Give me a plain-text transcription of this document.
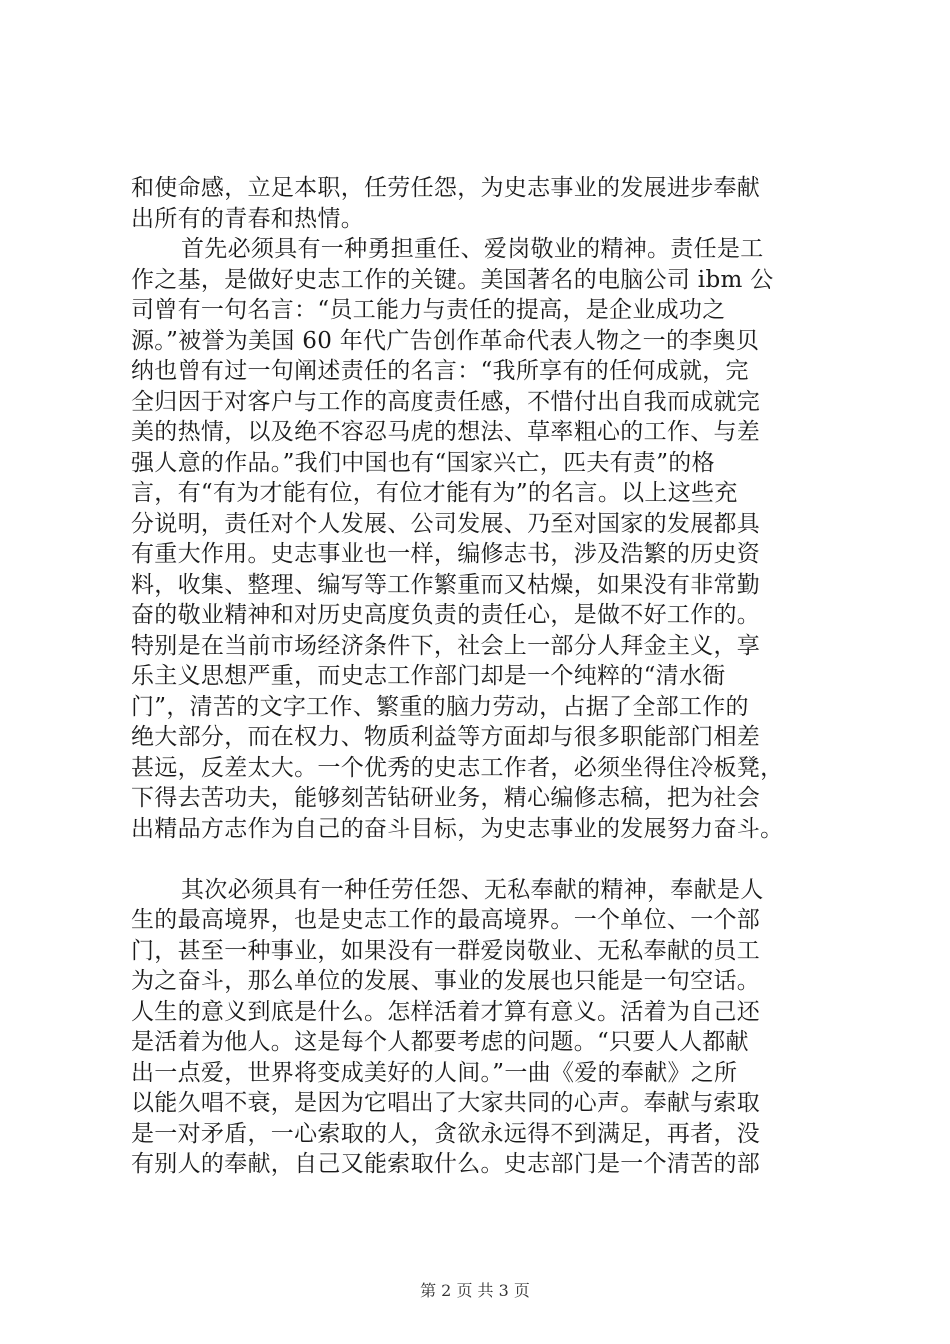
和使命感，立足本职，任劳任怨，为史志事业的发展进步奉献
出所有的青春和热情。
首先必须具有一种勇担重任、爱岗敬业的精神。责任是工
作之基，是做好史志工作的关键。美国著名的电脑公司 ibm 公
司曾有一句名言：“员工能力与责任的提高，是企业成功之
源。”被誉为美国 60 年代广告创作革命代表人物之一的李奥贝
纳也曾有过一句阐述责任的名言：“我所享有的任何成就，完
全归因于对客户与工作的高度责任感，不惜付出自我而成就完
美的热情，以及绝不容忍马虎的想法、草率粗心的工作、与差
强人意的作品。”我们中国也有“国家兴亡，匹夫有责”的格
言，有“有为才能有位，有位才能有为”的名言。以上这些充
分说明，责任对个人发展、公司发展、乃至对国家的发展都具
有重大作用。史志事业也一样，编修志书，涉及浩繁的历史资
料，收集、整理、编写等工作繁重而又枯燥，如果没有非常勤
奋的敬业精神和对历史高度负责的责任心，是做不好工作的。
特别是在当前市场经济条件下，社会上一部分人拜金主义，享
乐主义思想严重，而史志工作部门却是一个纯粹的“清水衙
门”，清苦的文字工作、繁重的脑力劳动，占据了全部工作的
绝大部分，而在权力、物质利益等方面却与很多职能部门相差
甚远，反差太大。一个优秀的史志工作者，必须坐得住冷板凳，
下得去苦功夫，能够刻苦钻研业务，精心编修志稿，把为社会
出精品方志作为自己的奋斗目标，为史志事业的发展努力奋斗。
其次必须具有一种任劳任怨、无私奉献的精神，奉献是人
生的最高境界，也是史志工作的最高境界。一个单位、一个部
门，甚至一种事业，如果没有一群爱岗敬业、无私奉献的员工
为之奋斗，那么单位的发展、事业的发展也只能是一句空话。
人生的意义到底是什么。怎样活着才算有意义。活着为自己还
是活着为他人。这是每个人都要考虑的问题。“只要人人都献
出一点爱，世界将变成美好的人间。”一曲《爱的奉献》之所
以能久唱不衰，是因为它唱出了大家共同的心声。奉献与索取
是一对矛盾，一心索取的人，贪欲永远得不到满足，再者，没
有别人的奉献，自己又能索取什么。史志部门是一个清苦的部
第 2 页 共 3 页
